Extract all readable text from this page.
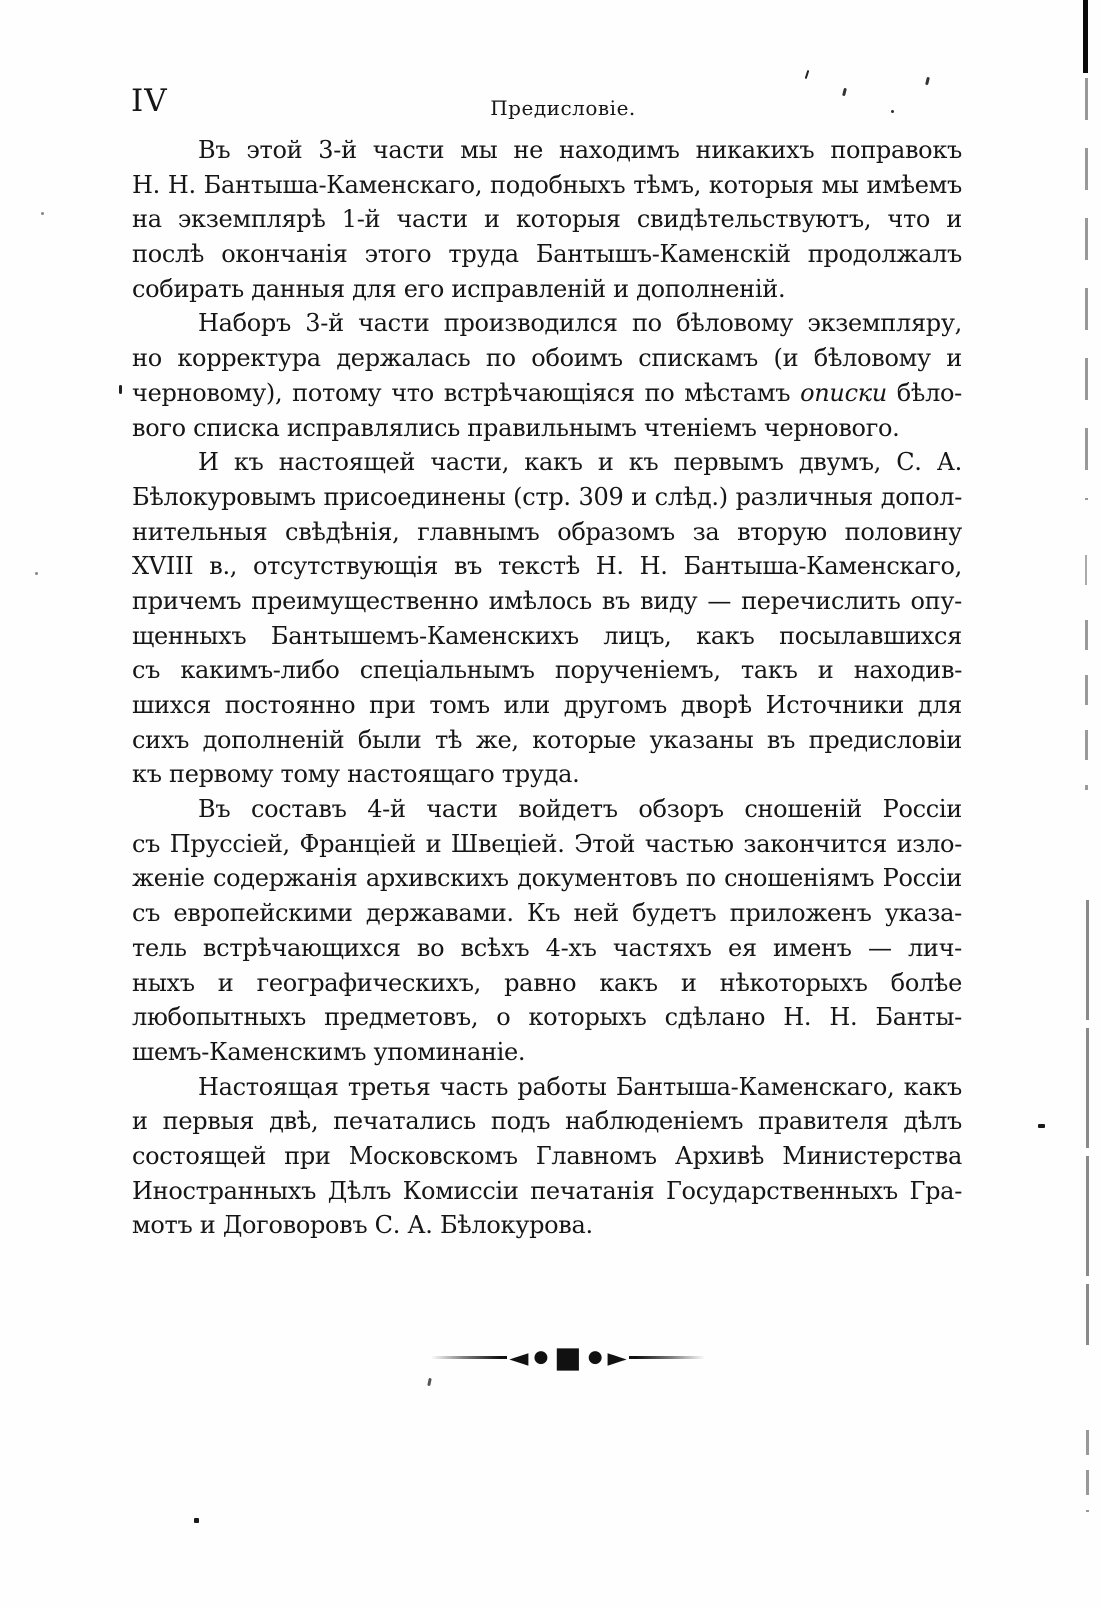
IV	Предисловіе.
Въ этой 3-й части мы не находимъ никакихъ поправокъ
Н. Н. Бантыша-Каменскаго, подобныхъ тѣмъ, которыя мы имѣемъ
на экземплярѣ 1-й части и которыя свидѣтельствуютъ, что и
послѣ окончанія этого труда Бантышъ-Каменскій продолжалъ
собирать данныя для его исправленій и дополненій.
Наборъ 3-й части производился по бѣловому экземпляру,
но корректура держалась по обоимъ спискамъ (и бѣловому и
черновому), потому что встрѣчающіяся по мѣстамъ описки бѣло-
вого списка исправлялись правильнымъ чтеніемъ чернового.
И къ настоящей части, какъ и къ первымъ двумъ, С. А.
Бѣлокуровымъ присоединены (стр. 309 и слѣд.) различныя допол-
нительныя свѣдѣнія, главнымъ образомъ за вторую половину
XVIII в., отсутствующія въ текстѣ Н. Н. Бантыша-Каменскаго,
причемъ преимущественно имѣлось въ виду — перечислить опу-
щенныхъ Бантышемъ-Каменскихъ лицъ, какъ посылавшихся
съ какимъ-либо спеціальнымъ порученіемъ, такъ и находив-
шихся постоянно при томъ или другомъ дворѣ Источники для
сихъ дополненій были тѣ же, которые указаны въ предисловіи
къ первому тому настоящаго труда.
Въ составъ 4-й части войдетъ обзоръ сношеній Россіи
съ Пруссіей, Франціей и Швеціей. Этой частью закончится изло-
женіе содержанія архивскихъ документовъ по сношеніямъ Россіи
съ европейскими державами. Къ ней будетъ приложенъ указа-
тель встрѣчающихся во всѣхъ 4-хъ частяхъ ея именъ — лич-
ныхъ и географическихъ, равно какъ и нѣкоторыхъ болѣе
любопытныхъ предметовъ, о которыхъ сдѣлано Н. Н. Банты-
шемъ-Каменскимъ упоминаніе.
Настоящая третья часть работы Бантыша-Каменскаго, какъ
и первыя двѣ, печатались подъ наблюденіемъ правителя дѣлъ
состоящей при Московскомъ Главномъ Архивѣ Министерства
Иностранныхъ Дѣлъ Комиссіи печатанія Государственныхъ Гра-
мотъ и Договоровъ С. А. Бѣлокурова.
◄ ● ■ ● ►
